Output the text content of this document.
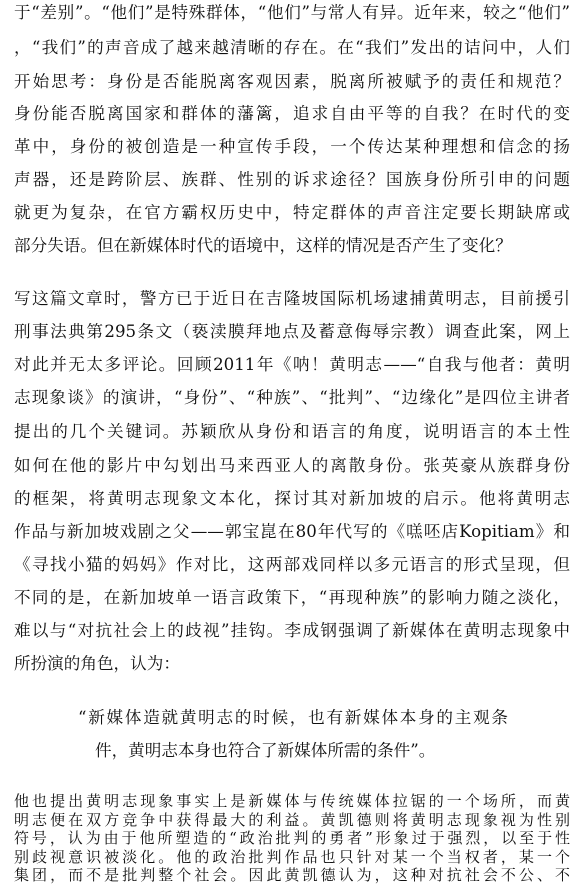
于“差别”。“他们”是特殊群体，“他们”与常人有异。近年来，较之“他们”
，“我们”的声音成了越来越清晰的存在。在“我们”发出的诘问中，人们
开始思考：身份是否能脱离客观因素，脱离所被赋予的责任和规范？
身份能否脱离国家和群体的藩篱，追求自由平等的自我？在时代的变
革中，身份的被创造是一种宣传手段，一个传达某种理想和信念的扬
声器，还是跨阶层、族群、性别的诉求途径？国族身份所引申的问题
就更为复杂，在官方霸权历史中，特定群体的声音注定要长期缺席或
部分失语。但在新媒体时代的语境中，这样的情况是否产生了变化？
写这篇文章时，警方已于近日在吉隆坡国际机场逮捕黄明志，目前援引
刑事法典第295条文（亵渎膜拜地点及蓄意侮辱宗教）调查此案，网上
对此并无太多评论。回顾2011年《呐！黄明志——“自我与他者：黄明
志现象谈》的演讲，“身份”、“种族”、“批判”、“边缘化”是四位主讲者
提出的几个关键词。苏颖欣从身份和语言的角度，说明语言的本土性
如何在他的影片中勾划出马来西亚人的离散身份。张英豪从族群身份
的框架，将黄明志现象文本化，探讨其对新加坡的启示。他将黄明志
作品与新加坡戏剧之父——郭宝崑在80年代写的《㗝呸店Kopitiam》和
《寻找小猫的妈妈》作对比，这两部戏同样以多元语言的形式呈现，但
不同的是，在新加坡单一语言政策下，“再现种族”的影响力随之淡化，
难以与“对抗社会上的歧视”挂钩。李成钢强调了新媒体在黄明志现象中
所扮演的角色，认为：
“新媒体造就黄明志的时候，也有新媒体本身的主观条
件，黄明志本身也符合了新媒体所需的条件”。
他也提出黄明志现象事实上是新媒体与传统媒体拉锯的一个场所，而黄
明志便在双方竞争中获得最大的利益。黄凯德则将黄明志现象视为性别
符号，认为由于他所塑造的“政治批判的勇者”形象过于强烈，以至于性
别歧视意识被淡化。他的政治批判作品也只针对某一个当权者，某一个
集团，而不是批判整个社会。因此黄凯德认为，这种对抗社会不公、不
